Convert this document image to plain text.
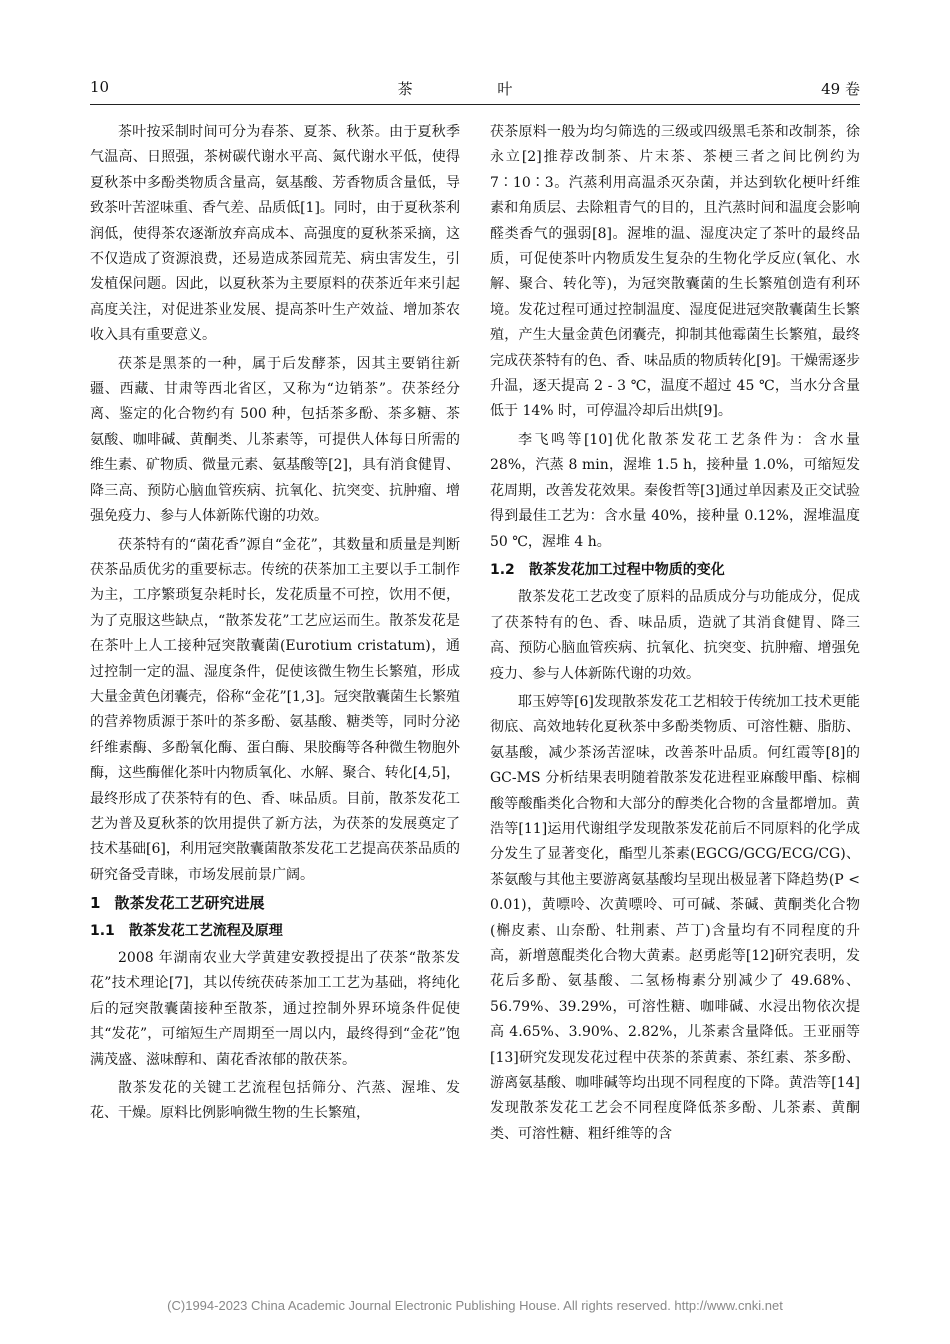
10	茶 叶	49 卷

茶叶按采制时间可分为春茶、夏茶、秋茶。由于夏秋季气温高、日照强，茶树碳代谢水平高、氮代谢水平低，使得夏秋茶中多酚类物质含量高，氨基酸、芳香物质含量低，导致茶叶苦涩味重、香气差、品质低[1]。同时，由于夏秋茶利润低，使得茶农逐渐放弃高成本、高强度的夏秋茶采摘，这不仅造成了资源浪费，还易造成茶园荒芜、病虫害发生，引发植保问题。因此，以夏秋茶为主要原料的茯茶近年来引起高度关注，对促进茶业发展、提高茶叶生产效益、增加茶农收入具有重要意义。

茯茶是黑茶的一种，属于后发酵茶，因其主要销往新疆、西藏、甘肃等西北省区，又称为“边销茶”。茯茶经分离、鉴定的化合物约有 500 种，包括茶多酚、茶多糖、茶氨酸、咖啡碱、黄酮类、儿茶素等，可提供人体每日所需的维生素、矿物质、微量元素、氨基酸等[2]，具有消食健胃、降三高、预防心脑血管疾病、抗氧化、抗突变、抗肿瘤、增强免疫力、参与人体新陈代谢的功效。

茯茶特有的“菌花香”源自“金花”，其数量和质量是判断茯茶品质优劣的重要标志。传统的茯茶加工主要以手工制作为主，工序繁琐复杂耗时长，发花质量不可控，饮用不便，为了克服这些缺点，“散茶发花”工艺应运而生。散茶发花是在茶叶上人工接种冠突散囊菌(Eurotium cristatum)，通过控制一定的温、湿度条件，促使该微生物生长繁殖，形成大量金黄色闭囊壳，俗称“金花”[1,3]。冠突散囊菌生长繁殖的营养物质源于茶叶的茶多酚、氨基酸、糖类等，同时分泌纤维素酶、多酚氧化酶、蛋白酶、果胶酶等各种微生物胞外酶，这些酶催化茶叶内物质氧化、水解、聚合、转化[4,5]，最终形成了茯茶特有的色、香、味品质。目前，散茶发花工艺为普及夏秋茶的饮用提供了新方法，为茯茶的发展奠定了技术基础[6]，利用冠突散囊菌散茶发花工艺提高茯茶品质的研究备受青睐，市场发展前景广阔。

1 散茶发花工艺研究进展
1.1 散茶发花工艺流程及原理

2008 年湖南农业大学黄建安教授提出了茯茶“散茶发花”技术理论[7]，其以传统茯砖茶加工工艺为基础，将纯化后的冠突散囊菌接种至散茶，通过控制外界环境条件促使其“发花”，可缩短生产周期至一周以内，最终得到“金花”饱满茂盛、滋味醇和、菌花香浓郁的散茯茶。

散茶发花的关键工艺流程包括筛分、汽蒸、渥堆、发花、干燥。原料比例影响微生物的生长繁殖，

茯茶原料一般为均匀筛选的三级或四级黑毛茶和改制茶，徐永立[2]推荐改制茶、片末茶、茶梗三者之间比例约为 7∶10∶3。汽蒸利用高温杀灭杂菌，并达到软化梗叶纤维素和角质层、去除粗青气的目的，且汽蒸时间和温度会影响醛类香气的强弱[8]。渥堆的温、湿度决定了茶叶的最终品质，可促使茶叶内物质发生复杂的生物化学反应(氧化、水解、聚合、转化等)，为冠突散囊菌的生长繁殖创造有利环境。发花过程可通过控制温度、湿度促进冠突散囊菌生长繁殖，产生大量金黄色闭囊壳，抑制其他霉菌生长繁殖，最终完成茯茶特有的色、香、味品质的物质转化[9]。干燥需逐步升温，逐天提高 2 - 3 ℃，温度不超过 45 ℃，当水分含量低于 14% 时，可停温冷却后出烘[9]。

李飞鸣等[10]优化散茶发花工艺条件为：含水量 28%，汽蒸 8 min，渥堆 1.5 h，接种量 1.0%，可缩短发花周期，改善发花效果。秦俊哲等[3]通过单因素及正交试验得到最佳工艺为：含水量 40%，接种量 0.12%，渥堆温度 50 ℃，渥堆 4 h。

1.2 散茶发花加工过程中物质的变化

散茶发花工艺改变了原料的品质成分与功能成分，促成了茯茶特有的色、香、味品质，造就了其消食健胃、降三高、预防心脑血管疾病、抗氧化、抗突变、抗肿瘤、增强免疫力、参与人体新陈代谢的功效。

耶玉婷等[6]发现散茶发花工艺相较于传统加工技术更能彻底、高效地转化夏秋茶中多酚类物质、可溶性糖、脂肪、氨基酸，减少茶汤苦涩味，改善茶叶品质。何红霞等[8]的 GC-MS 分析结果表明随着散茶发花进程亚麻酸甲酯、棕榈酸等酸酯类化合物和大部分的醇类化合物的含量都增加。黄浩等[11]运用代谢组学发现散茶发花前后不同原料的化学成分发生了显著变化，酯型儿茶素(EGCG/GCG/ECG/CG)、茶氨酸与其他主要游离氨基酸均呈现出极显著下降趋势(P < 0.01)，黄嘌呤、次黄嘌呤、可可碱、茶碱、黄酮类化合物(槲皮素、山奈酚、牡荆素、芦丁)含量均有不同程度的升高，新增蒽醌类化合物大黄素。赵勇彪等[12]研究表明，发花后多酚、氨基酸、二氢杨梅素分别减少了 49.68%、56.79%、39.29%，可溶性糖、咖啡碱、水浸出物依次提高 4.65%、3.90%、2.82%，儿茶素含量降低。王亚丽等[13]研究发现发花过程中茯茶的茶黄素、茶红素、茶多酚、游离氨基酸、咖啡碱等均出现不同程度的下降。黄浩等[14]发现散茶发花工艺会不同程度降低茶多酚、儿茶素、黄酮类、可溶性糖、粗纤维等的含

(C)1994-2023 China Academic Journal Electronic Publishing House. All rights reserved. http://www.cnki.net
